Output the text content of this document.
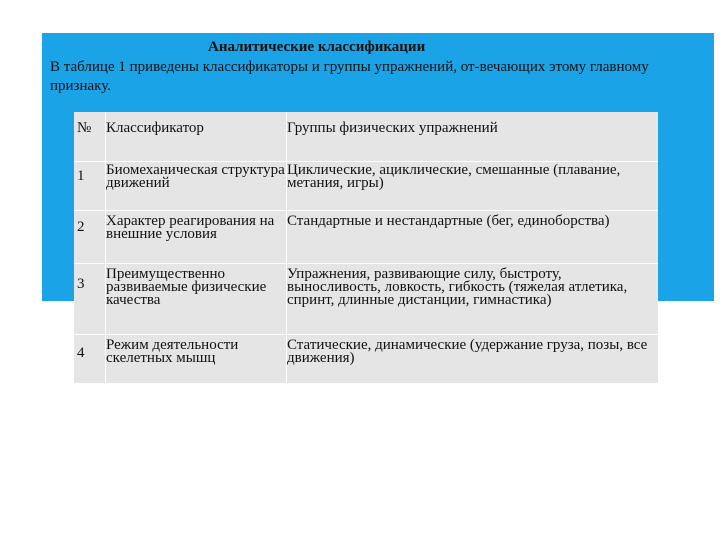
Аналитические классификации
В таблице 1 приведены классификаторы и группы упражнений, от-вечающих этому главному признаку.
№	Классификатор	Группы физических упражнений
1	Биомеханическая структура движений	Циклические, ациклические, смешанные (плавание, метания, игры)
2	Характер реагирования на внешние условия	Стандартные и нестандартные (бег, единоборства)
3	Преимущественно развиваемые физические качества	Упражнения, развивающие силу, быстроту, выносливость, ловкость, гибкость (тяжелая атлетика, спринт, длинные дистанции, гимнастика)
4	Режим деятельности скелетных мышц	Статические, динамические (удержание груза, позы, все движения)
